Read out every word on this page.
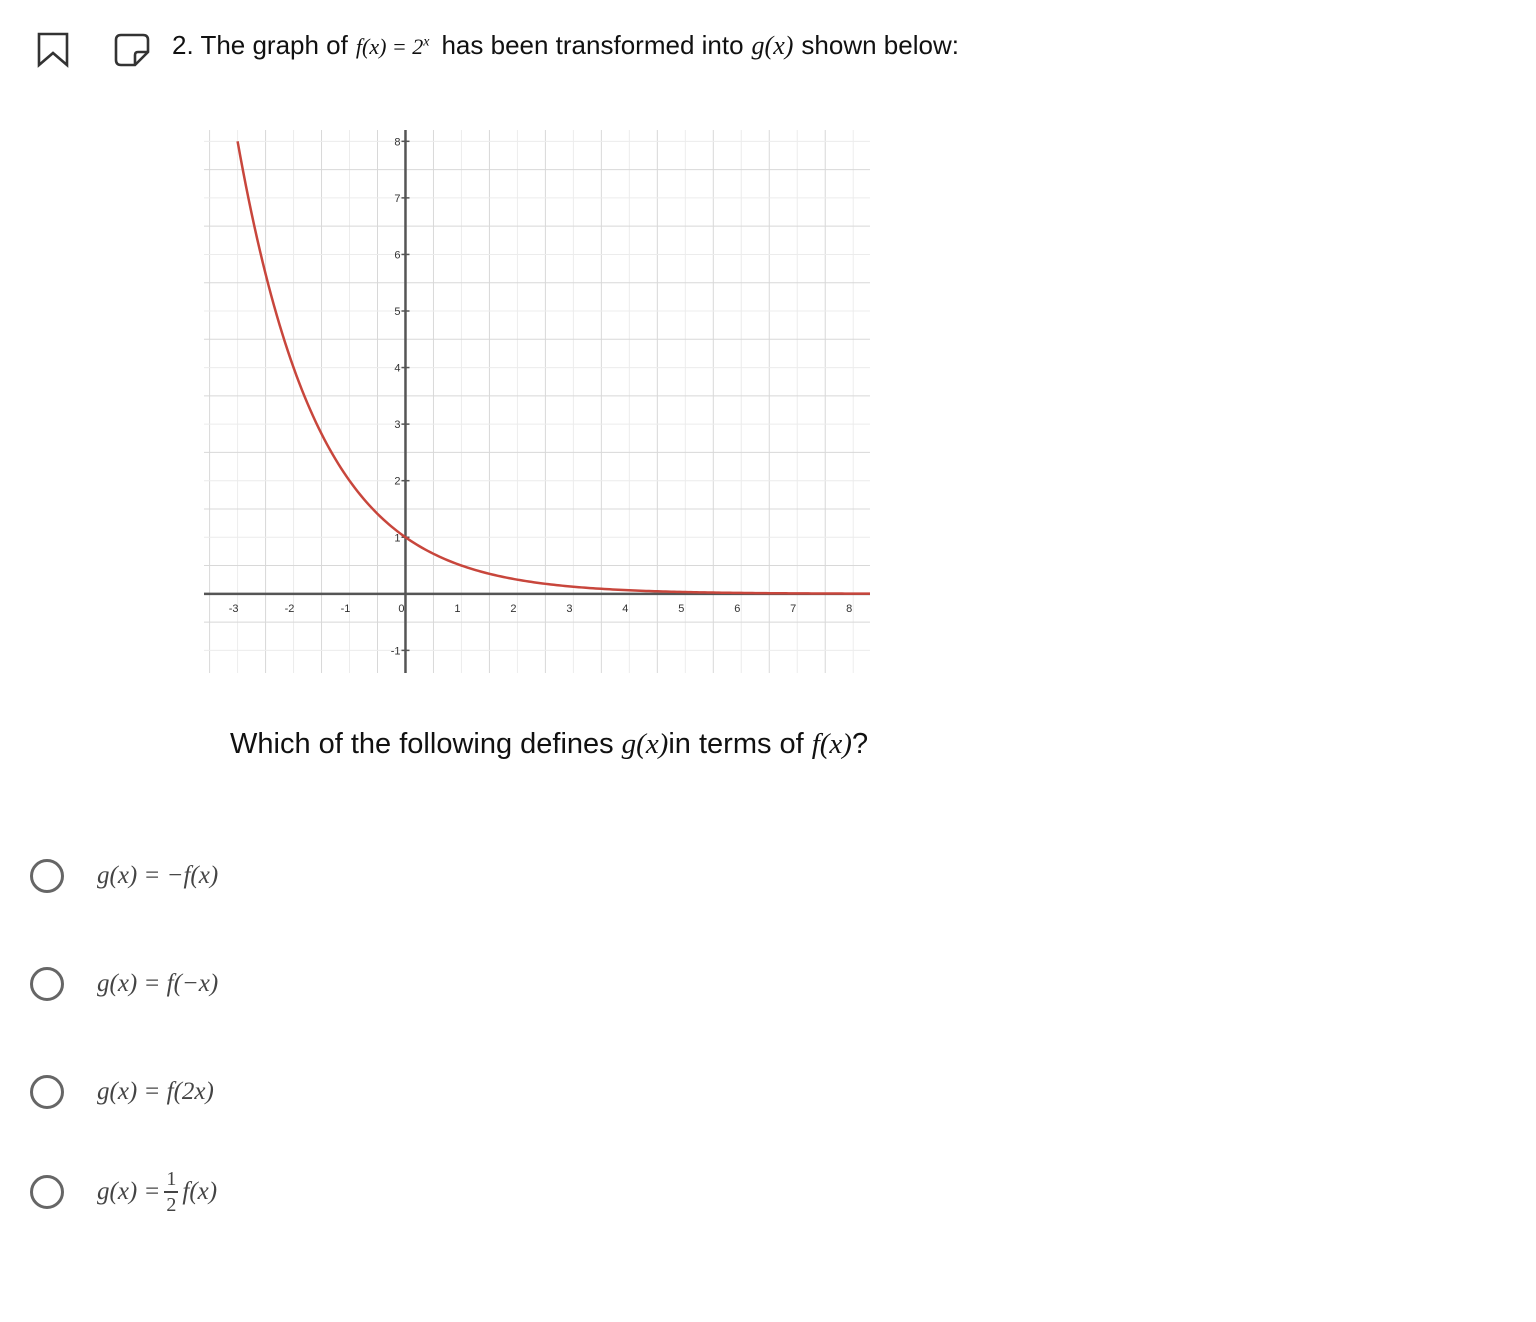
2. The graph of $f(x) = 2^x$ has been transformed into g(x) shown below:
-3	-2	-1	0	1	2	3	4	5	6	7	8
-1
1
2
3
4
5
6
7
8
Which of the following defines g(x) in terms of f(x) ?
g(x) = −f(x)
g(x) = f(−x)
g(x) = f(2x)
$g(x) = \frac{1}{2} f(x)$
